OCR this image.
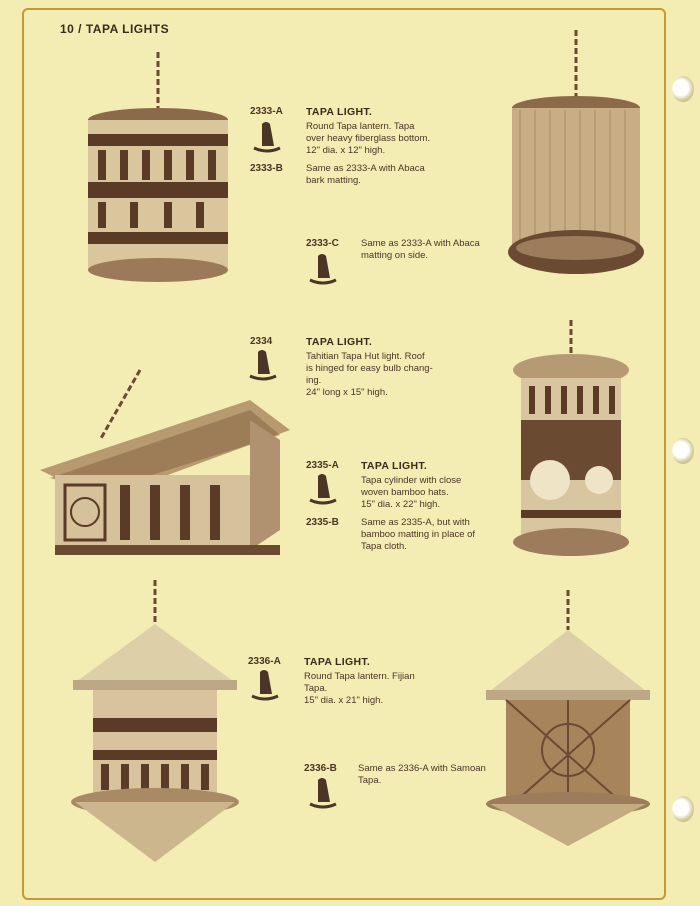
10 / TAPA LIGHTS
2333-A TAPA LIGHT.
Round Tapa lantern. Tapa
over heavy fiberglass bottom.
12" dia. x 12" high.
2333-B Same as 2333-A with Abaca
bark matting.
2333-C Same as 2333-A with Abaca
matting on side.
2334	TAPA LIGHT.
Tahitian Tapa Hut light. Roof
is hinged for easy bulb chang-
ing.
24" long x 15" high.
2335-A TAPA LIGHT.
Tapa cylinder with close
woven bamboo hats.
15" dia. x 22" high.
2335-B Same as 2335-A, but with
bamboo matting in place of
Tapa cloth.
2336-A TAPA LIGHT.
Round Tapa lantern. Fijian
Tapa.
15" dia. x 21" high.
2336-B Same as 2336-A with Samoan
Tapa.
